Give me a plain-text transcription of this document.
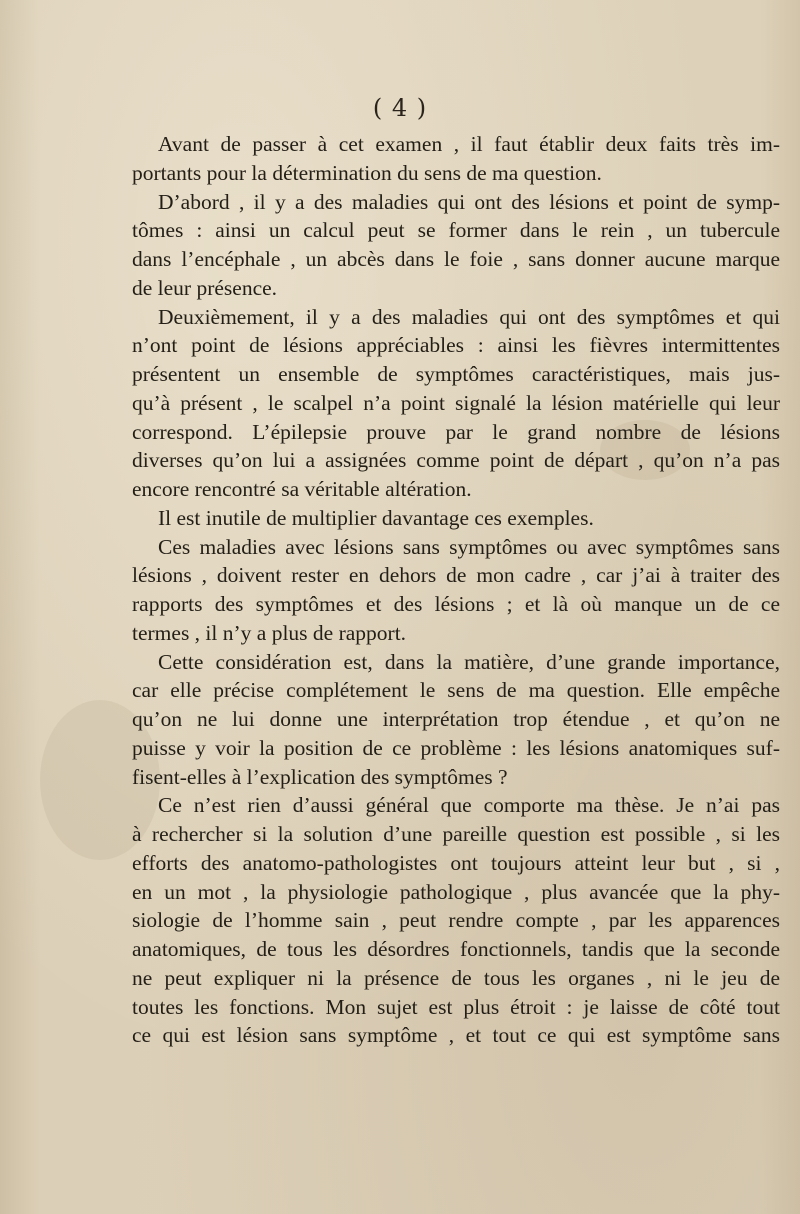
( 4 )
Avant de passer à cet examen , il faut établir deux faits très im-
portants pour la détermination du sens de ma question.
D’abord , il y a des maladies qui ont des lésions et point de symp-
tômes : ainsi un calcul peut se former dans le rein , un tubercule
dans l’encéphale , un abcès dans le foie , sans donner aucune marque
de leur présence.
Deuxièmement, il y a des maladies qui ont des symptômes et qui
n’ont point de lésions appréciables : ainsi les fièvres intermittentes
présentent un ensemble de symptômes caractéristiques, mais jus-
qu’à présent , le scalpel n’a point signalé la lésion matérielle qui leur
correspond. L’épilepsie prouve par le grand nombre de lésions
diverses qu’on lui a assignées comme point de départ , qu’on n’a pas
encore rencontré sa véritable altération.
Il est inutile de multiplier davantage ces exemples.
Ces maladies avec lésions sans symptômes ou avec symptômes sans
lésions , doivent rester en dehors de mon cadre , car j’ai à traiter des
rapports des symptômes et des lésions ; et là où manque un de ce
termes , il n’y a plus de rapport.
Cette considération est, dans la matière, d’une grande importance,
car elle précise complétement le sens de ma question. Elle empêche
qu’on ne lui donne une interprétation trop étendue , et qu’on ne
puisse y voir la position de ce problème : les lésions anatomiques suf-
fisent-elles à l’explication des symptômes ?
Ce n’est rien d’aussi général que comporte ma thèse. Je n’ai pas
à rechercher si la solution d’une pareille question est possible , si les
efforts des anatomo-pathologistes ont toujours atteint leur but , si ,
en un mot , la physiologie pathologique , plus avancée que la phy-
siologie de l’homme sain , peut rendre compte , par les apparences
anatomiques, de tous les désordres fonctionnels, tandis que la seconde
ne peut expliquer ni la présence de tous les organes , ni le jeu de
toutes les fonctions. Mon sujet est plus étroit : je laisse de côté tout
ce qui est lésion sans symptôme , et tout ce qui est symptôme sans
